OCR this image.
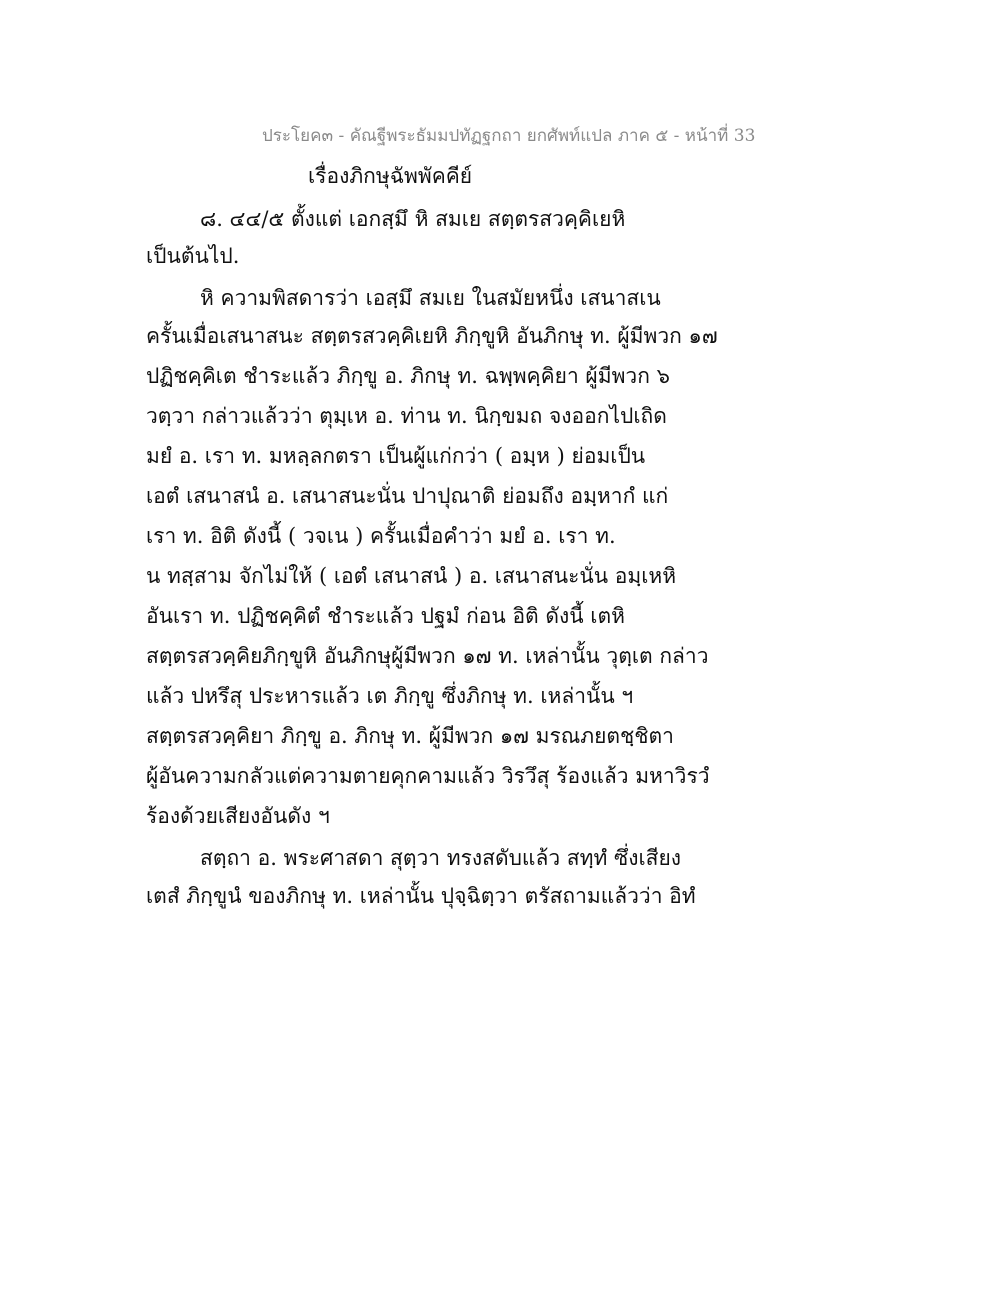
ประโยค๓ - คัณฐีพระธัมมปทัฏฐกถา ยกศัพท์แปล ภาค ๕ - หน้าที่ 33
เรื่องภิกษุฉัพพัคคีย์
๘. ๔๔/๕ ตั้งแต่ เอกสฺมึ หิ สมเย สตฺตรสวคฺคิเยหิ
เป็นต้นไป.
หิ ความพิสดารว่า เอสฺมึ สมเย ในสมัยหนึ่ง เสนาสเน
ครั้นเมื่อเสนาสนะ สตฺตรสวคฺคิเยหิ ภิกฺขูหิ อันภิกษุ ท. ผู้มีพวก ๑๗
ปฏิชคฺคิเต ชำระแล้ว ภิกฺขู อ. ภิกษุ ท. ฉพฺพคฺคิยา ผู้มีพวก ๖
วตฺวา กล่าวแล้วว่า ตุมฺเห อ. ท่าน ท. นิกฺขมถ จงออกไปเถิด
มยํ อ. เรา ท. มหลฺลกตรา เป็นผู้แก่กว่า ( อมฺห ) ย่อมเป็น
เอตํ เสนาสนํ อ. เสนาสนะนั่น ปาปุณาติ ย่อมถึง อมฺหากํ แก่
เรา ท. อิติ ดังนี้ ( วจเน ) ครั้นเมื่อคำว่า มยํ อ. เรา ท.
น ทสฺสาม จักไม่ให้ ( เอตํ เสนาสนํ ) อ. เสนาสนะนั่น อมฺเหหิ
อันเรา ท. ปฏิชคฺคิตํ ชำระแล้ว ปฐมํ ก่อน อิติ ดังนี้ เตหิ
สตฺตรสวคฺคิยภิกฺขูหิ อันภิกษุผู้มีพวก ๑๗ ท. เหล่านั้น วุตฺเต กล่าว
แล้ว ปหรึสุ ประหารแล้ว เต ภิกฺขู ซึ่งภิกษุ ท. เหล่านั้น ฯ
สตฺตรสวคฺคิยา ภิกฺขู อ. ภิกษุ ท. ผู้มีพวก ๑๗ มรณภยตชฺชิตา
ผู้อันความกลัวแต่ความตายคุกคามแล้ว วิรวึสุ ร้องแล้ว มหาวิรวํ
ร้องด้วยเสียงอันดัง ฯ
สตฺถา อ. พระศาสดา สุตฺวา ทรงสดับแล้ว สทฺทํ ซึ่งเสียง
เตสํ ภิกฺขูนํ ของภิกษุ ท. เหล่านั้น ปุจฺฉิตฺวา ตรัสถามแล้วว่า อิทํ
